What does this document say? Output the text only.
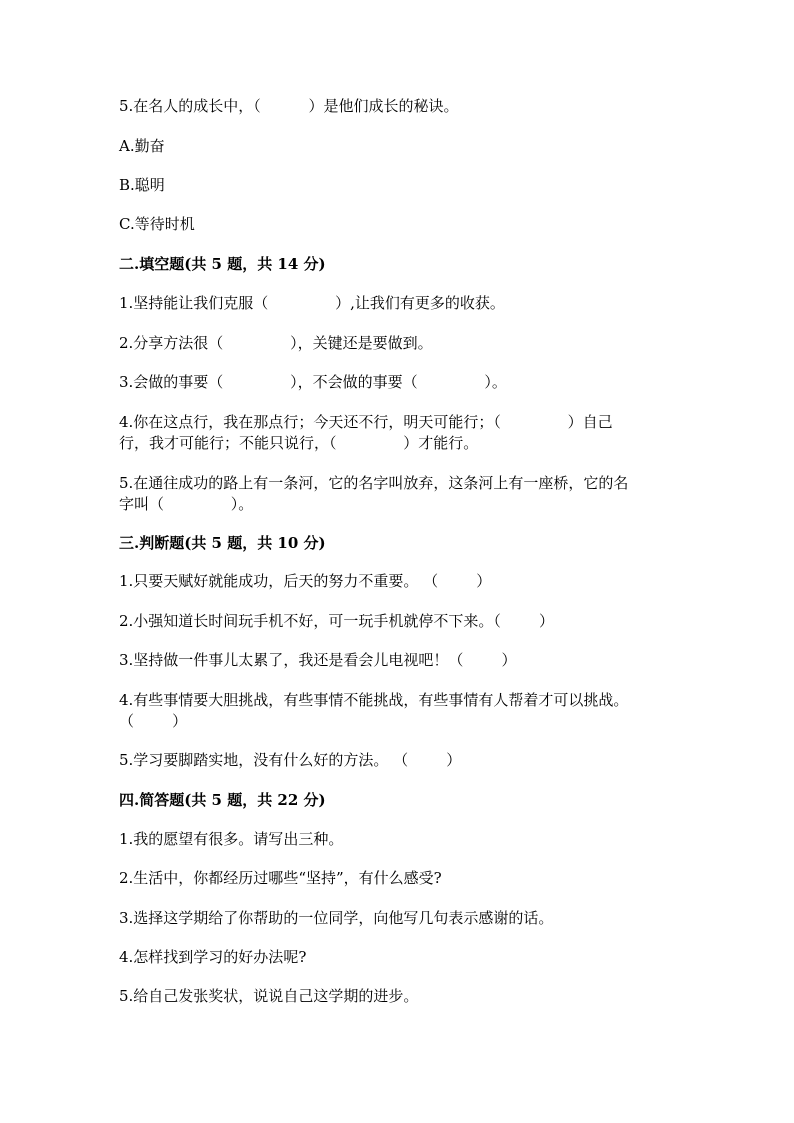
5.在名人的成长中，（          ）是他们成长的秘诀。
A.勤奋
B.聪明
C.等待时机
二.填空题(共 5 题，共 14 分)
1.坚持能让我们克服（              ）,让我们有更多的收获。
2.分享方法很（              ），关键还是要做到。
3.会做的事要（              ），不会做的事要（              ）。
4.你在这点行，我在那点行；今天还不行，明天可能行；（              ）自己
行，我才可能行；不能只说行，（              ）才能行。
5.在通往成功的路上有一条河，它的名字叫放弃，这条河上有一座桥，它的名
字叫（              ）。
三.判断题(共 5 题，共 10 分)
1.只要天赋好就能成功，后天的努力不重要。 （        ）
2.小强知道长时间玩手机不好，可一玩手机就停不下来。（        ）
3.坚持做一件事儿太累了，我还是看会儿电视吧！（        ）
4.有些事情要大胆挑战，有些事情不能挑战，有些事情有人帮着才可以挑战。
（        ）
5.学习要脚踏实地，没有什么好的方法。 （        ）
四.简答题(共 5 题，共 22 分)
1.我的愿望有很多。请写出三种。
2.生活中，你都经历过哪些“坚持”，有什么感受?
3.选择这学期给了你帮助的一位同学，向他写几句表示感谢的话。
4.怎样找到学习的好办法呢?
5.给自己发张奖状，说说自己这学期的进步。
